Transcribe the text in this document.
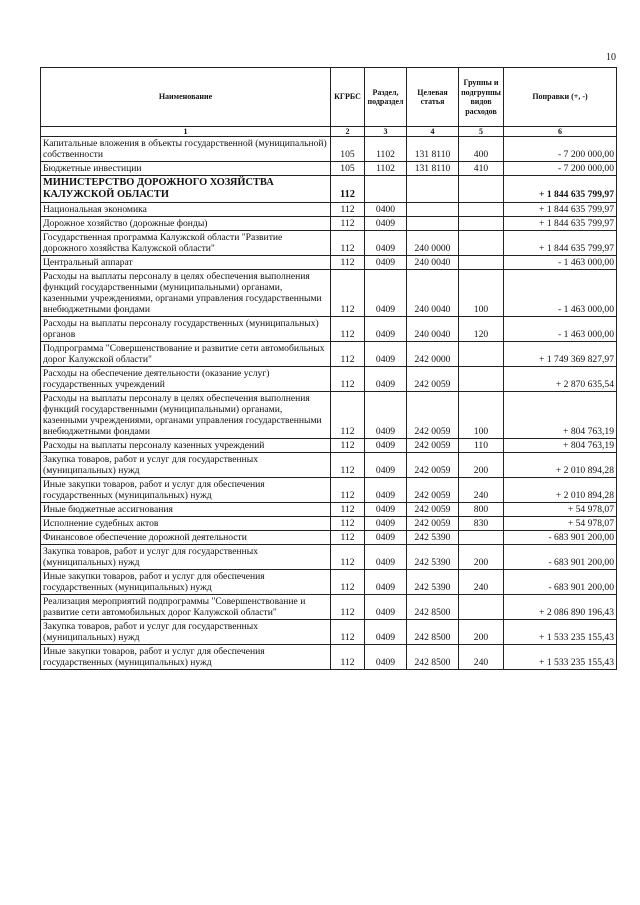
10
Наименование	КГРБС	Раздел, подраздел	Целевая статья	Группы и подгруппы видов расходов	Поправки (+, -)
1	2	3	4	5	6
Капитальные вложения в объекты государственной (муниципальной) собственности	105	1102	131 8110	400	- 7 200 000,00
Бюджетные инвестиции	105	1102	131 8110	410	- 7 200 000,00
МИНИСТЕРСТВО ДОРОЖНОГО ХОЗЯЙСТВА КАЛУЖСКОЙ ОБЛАСТИ	112				+ 1 844 635 799,97
Национальная экономика	112	0400			+ 1 844 635 799,97
Дорожное хозяйство (дорожные фонды)	112	0409			+ 1 844 635 799,97
Государственная программа Калужской области "Развитие дорожного хозяйства Калужской области"	112	0409	240 0000		+ 1 844 635 799,97
Центральный аппарат	112	0409	240 0040		- 1 463 000,00
Расходы на выплаты персоналу в целях обеспечения выполнения функций государственными (муниципальными) органами, казенными учреждениями, органами управления государственными внебюджетными фондами	112	0409	240 0040	100	- 1 463 000,00
Расходы на выплаты персоналу государственных (муниципальных) органов	112	0409	240 0040	120	- 1 463 000,00
Подпрограмма "Совершенствование и развитие сети автомобильных дорог Калужской области"	112	0409	242 0000		+ 1 749 369 827,97
Расходы на обеспечение деятельности (оказание услуг) государственных учреждений	112	0409	242 0059		+ 2 870 635,54
Расходы на выплаты персоналу в целях обеспечения выполнения функций государственными (муниципальными) органами, казенными учреждениями, органами управления государственными внебюджетными фондами	112	0409	242 0059	100	+ 804 763,19
Расходы на выплаты персоналу казенных учреждений	112	0409	242 0059	110	+ 804 763,19
Закупка товаров, работ и услуг для государственных (муниципальных) нужд	112	0409	242 0059	200	+ 2 010 894,28
Иные закупки товаров, работ и услуг для обеспечения государственных (муниципальных) нужд	112	0409	242 0059	240	+ 2 010 894,28
Иные бюджетные ассигнования	112	0409	242 0059	800	+ 54 978,07
Исполнение судебных актов	112	0409	242 0059	830	+ 54 978,07
Финансовое обеспечение дорожной деятельности	112	0409	242 5390		- 683 901 200,00
Закупка товаров, работ и услуг для государственных (муниципальных) нужд	112	0409	242 5390	200	- 683 901 200,00
Иные закупки товаров, работ и услуг для обеспечения государственных (муниципальных) нужд	112	0409	242 5390	240	- 683 901 200,00
Реализация мероприятий подпрограммы "Совершенствование и развитие сети автомобильных дорог Калужской области"	112	0409	242 8500		+ 2 086 890 196,43
Закупка товаров, работ и услуг для государственных (муниципальных) нужд	112	0409	242 8500	200	+ 1 533 235 155,43
Иные закупки товаров, работ и услуг для обеспечения государственных (муниципальных) нужд	112	0409	242 8500	240	+ 1 533 235 155,43
